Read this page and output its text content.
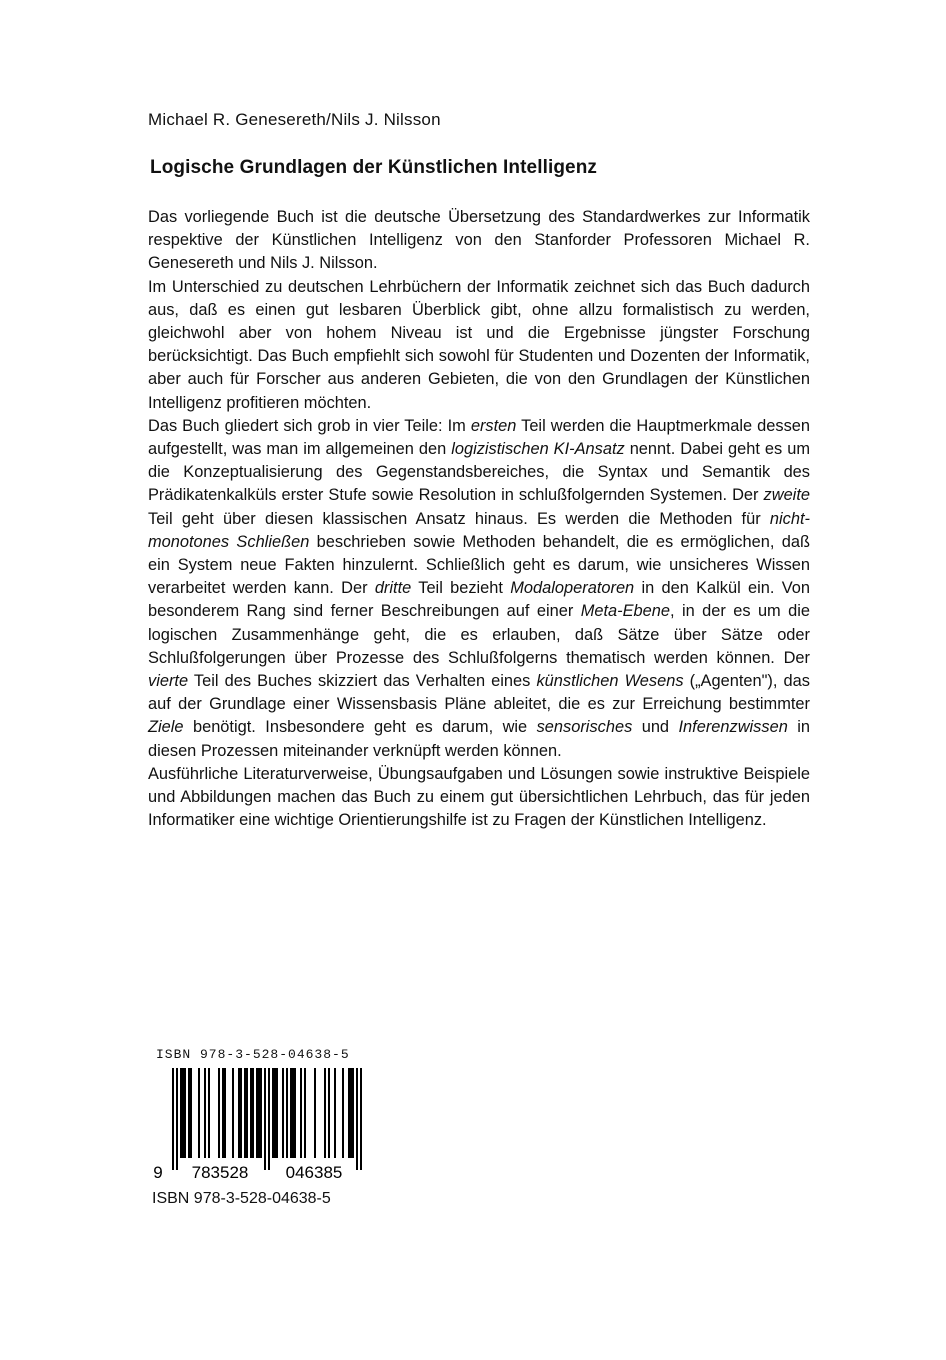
Michael R. Genesereth/Nils J. Nilsson
Logische Grundlagen der Künstlichen Intelligenz

Das vorliegende Buch ist die deutsche Übersetzung des Standardwerkes zur Informatik respektive der Künstlichen Intelligenz von den Stanforder Professoren Michael R. Genesereth und Nils J. Nilsson.

Im Unterschied zu deutschen Lehrbüchern der Informatik zeichnet sich das Buch dadurch aus, daß es einen gut lesbaren Überblick gibt, ohne allzu formalistisch zu werden, gleichwohl aber von hohem Niveau ist und die Ergebnisse jüngster Forschung berücksichtigt. Das Buch empfiehlt sich sowohl für Studenten und Dozenten der Informatik, aber auch für Forscher aus anderen Gebieten, die von den Grundlagen der Künstlichen Intelligenz profitieren möchten.

Das Buch gliedert sich grob in vier Teile: Im ersten Teil werden die Hauptmerkmale dessen aufgestellt, was man im allgemeinen den logizistischen KI-Ansatz nennt. Dabei geht es um die Konzeptualisierung des Gegenstandsbereiches, die Syntax und Semantik des Prädikatenkalküls erster Stufe sowie Resolution in schlußfolgernden Systemen. Der zweite Teil geht über diesen klassischen Ansatz hinaus. Es werden die Methoden für nicht-monotones Schließen beschrieben sowie Methoden behandelt, die es ermöglichen, daß ein System neue Fakten hinzulernt. Schließlich geht es darum, wie unsicheres Wissen verarbeitet werden kann. Der dritte Teil bezieht Modaloperatoren in den Kalkül ein. Von besonderem Rang sind ferner Beschreibungen auf einer Meta-Ebene, in der es um die logischen Zusammenhänge geht, die es erlauben, daß Sätze über Sätze oder Schlußfolgerungen über Prozesse des Schlußfolgerns thematisch werden können. Der vierte Teil des Buches skizziert das Verhalten eines künstlichen Wesens („Agenten"), das auf der Grundlage einer Wissensbasis Pläne ableitet, die es zur Erreichung bestimmter Ziele benötigt. Insbesondere geht es darum, wie sensorisches und Inferenzwissen in diesen Prozessen miteinander verknüpft werden können.

Ausführliche Literaturverweise, Übungsaufgaben und Lösungen sowie instruktive Beispiele und Abbildungen machen das Buch zu einem gut übersichtlichen Lehrbuch, das für jeden Informatiker eine wichtige Orientierungshilfe ist zu Fragen der Künstlichen Intelligenz.

ISBN 978-3-528-04638-5
9 783528 046385
ISBN 978-3-528-04638-5
